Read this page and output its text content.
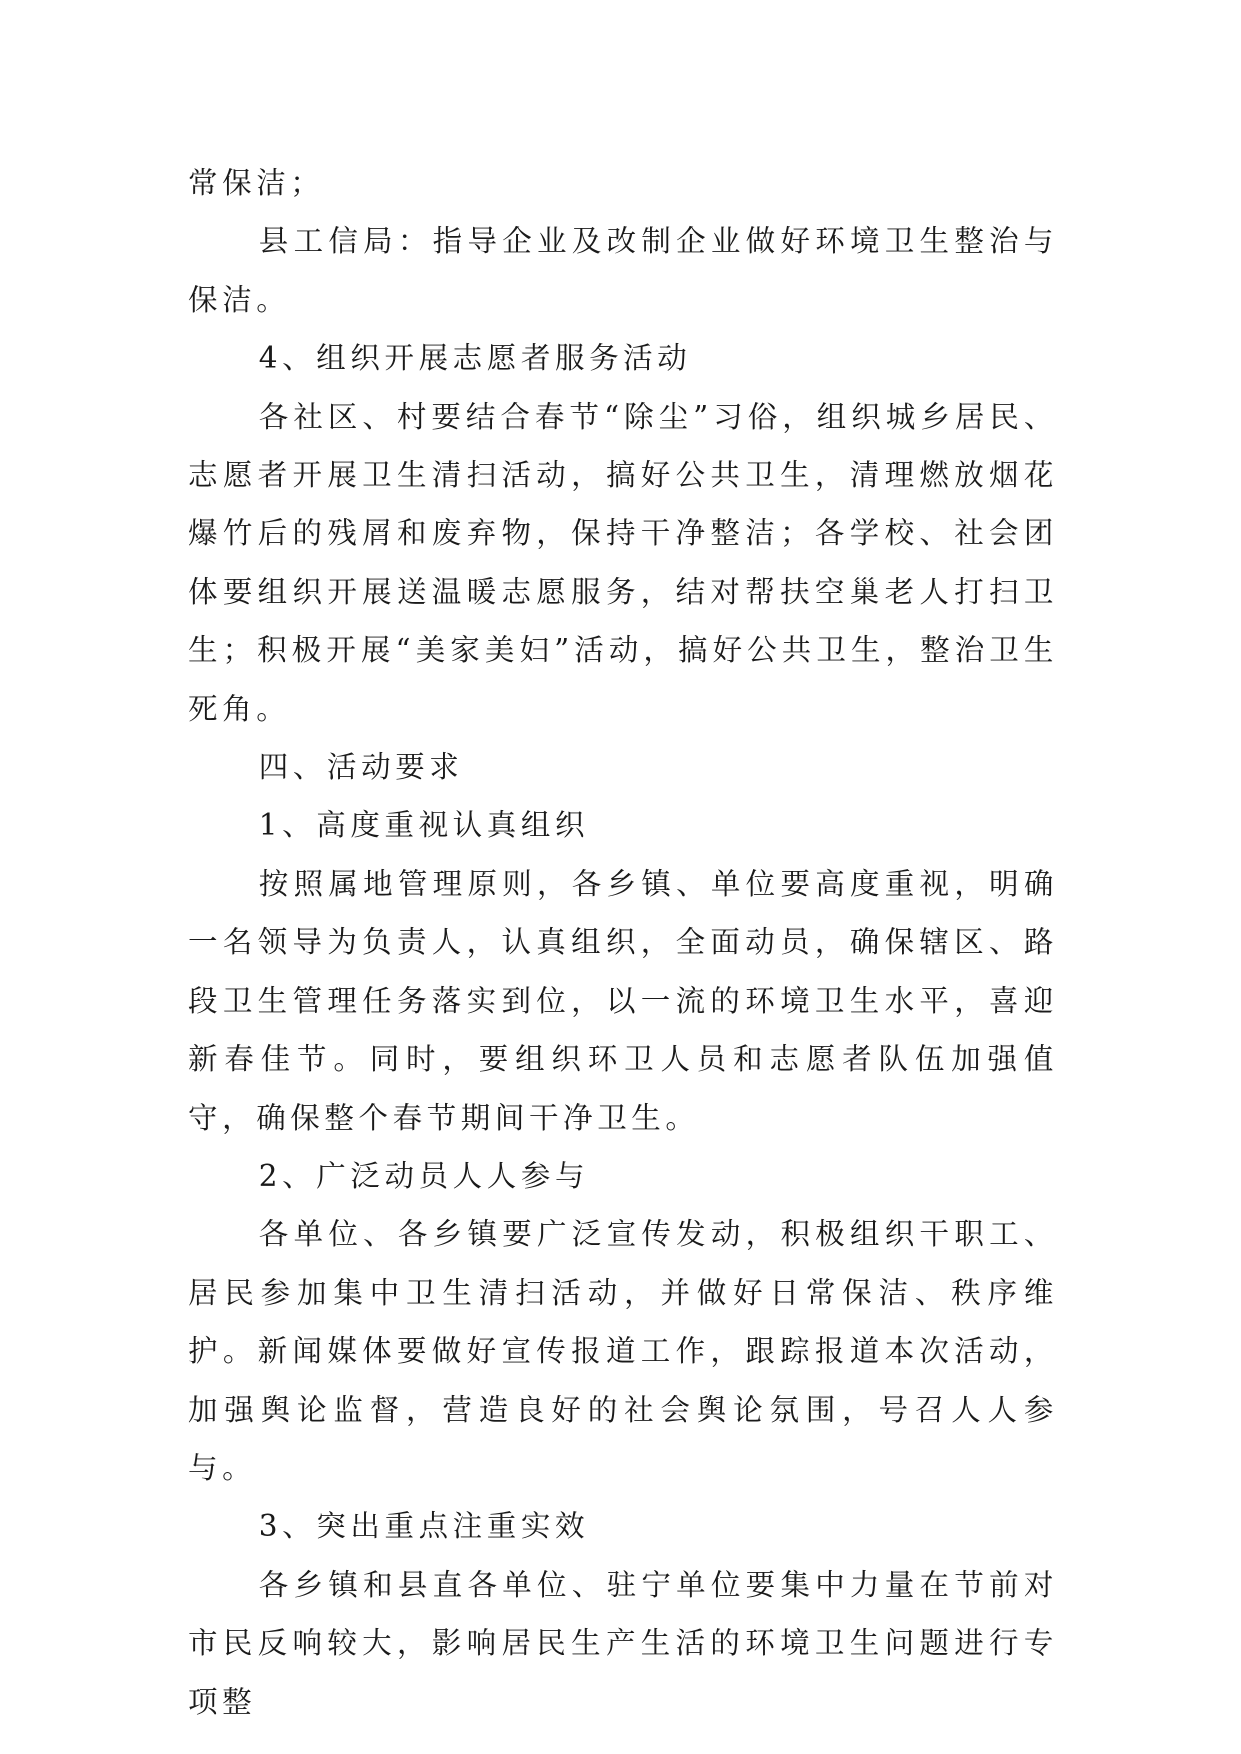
常保洁；

县工信局：指导企业及改制企业做好环境卫生整治与保洁。

4、组织开展志愿者服务活动

各社区、村要结合春节“除尘”习俗，组织城乡居民、志愿者开展卫生清扫活动，搞好公共卫生，清理燃放烟花爆竹后的残屑和废弃物，保持干净整洁；各学校、社会团体要组织开展送温暖志愿服务，结对帮扶空巢老人打扫卫生；积极开展“美家美妇”活动，搞好公共卫生，整治卫生死角。

四、活动要求

1、高度重视认真组织

按照属地管理原则，各乡镇、单位要高度重视，明确一名领导为负责人，认真组织，全面动员，确保辖区、路段卫生管理任务落实到位，以一流的环境卫生水平，喜迎新春佳节。同时，要组织环卫人员和志愿者队伍加强值守，确保整个春节期间干净卫生。

2、广泛动员人人参与

各单位、各乡镇要广泛宣传发动，积极组织干职工、居民参加集中卫生清扫活动，并做好日常保洁、秩序维护。新闻媒体要做好宣传报道工作，跟踪报道本次活动，加强舆论监督，营造良好的社会舆论氛围，号召人人参与。

3、突出重点注重实效

各乡镇和县直各单位、驻宁单位要集中力量在节前对市民反响较大，影响居民生产生活的环境卫生问题进行专项整
